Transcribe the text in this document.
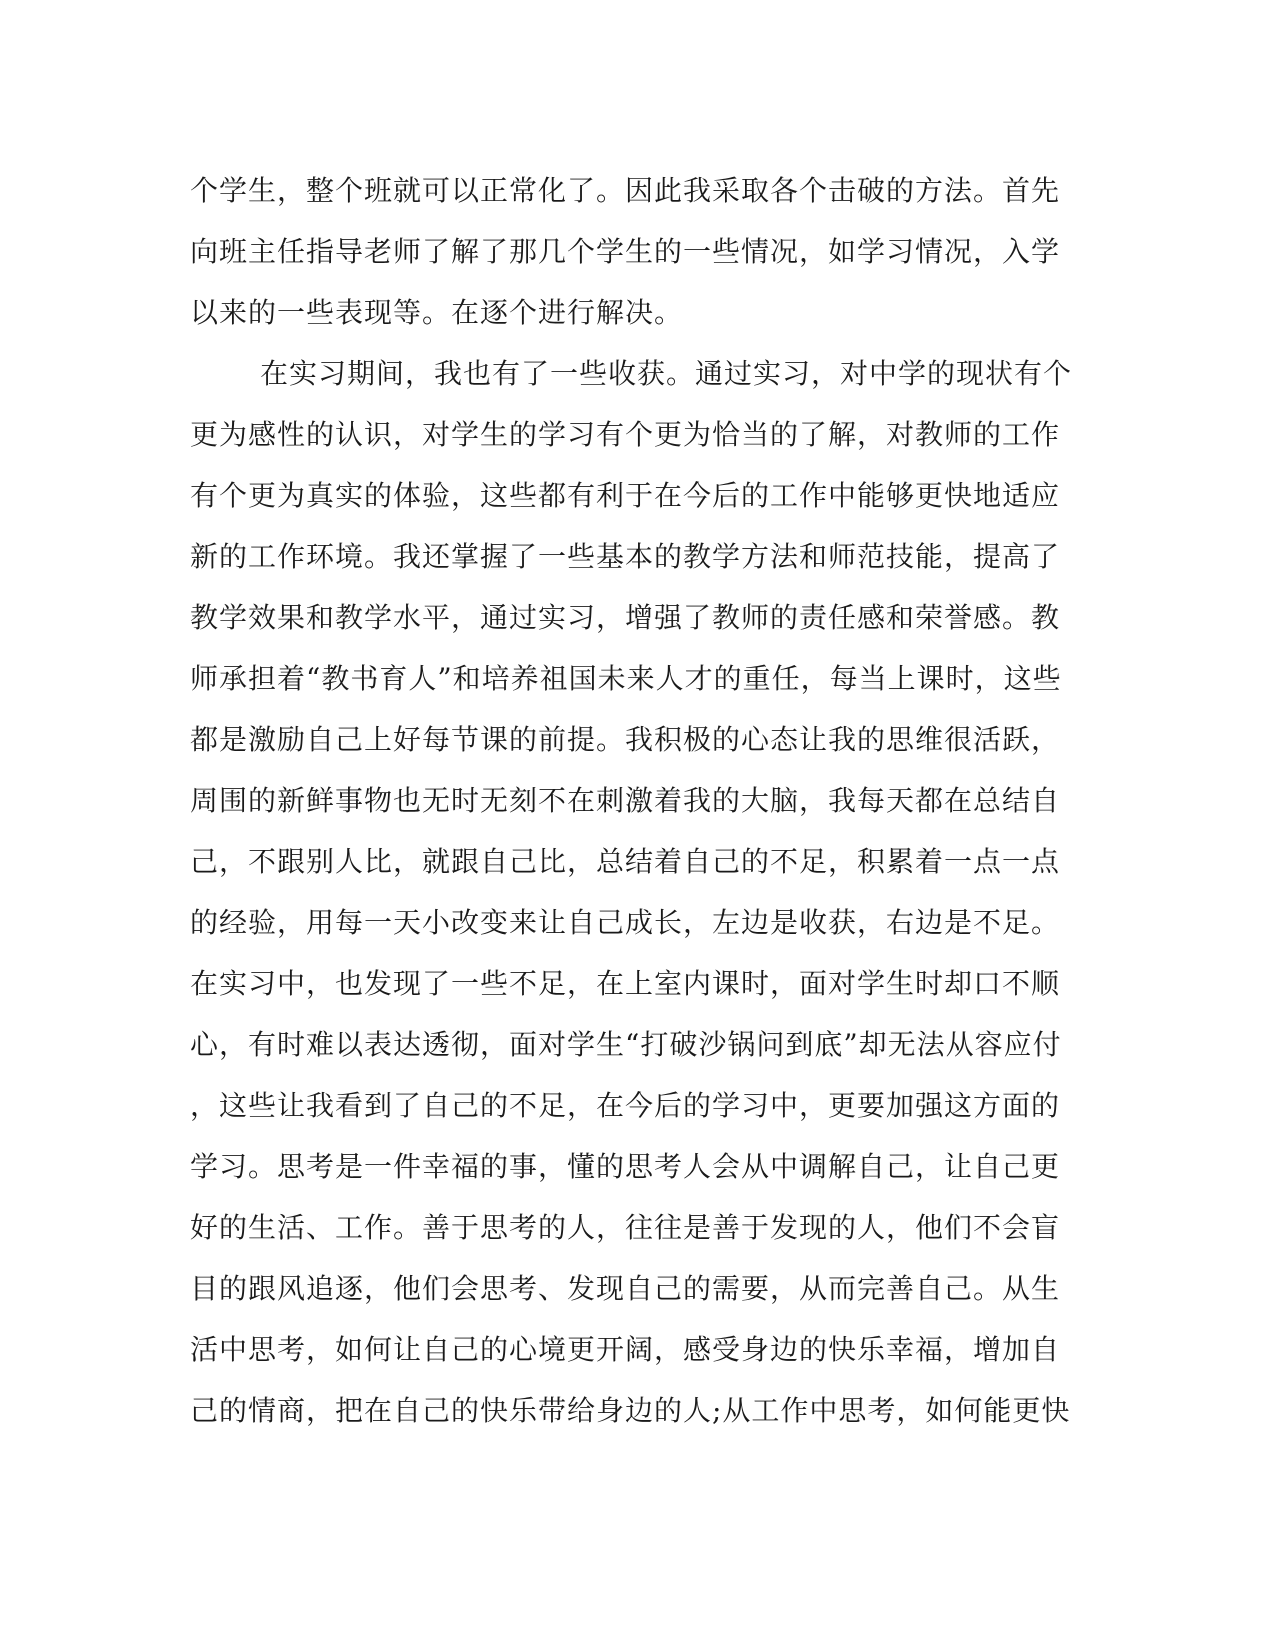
个学生，整个班就可以正常化了。因此我采取各个击破的方法。首先
向班主任指导老师了解了那几个学生的一些情况，如学习情况，入学
以来的一些表现等。在逐个进行解决。
在实习期间，我也有了一些收获。通过实习，对中学的现状有个
更为感性的认识，对学生的学习有个更为恰当的了解，对教师的工作
有个更为真实的体验，这些都有利于在今后的工作中能够更快地适应
新的工作环境。我还掌握了一些基本的教学方法和师范技能，提高了
教学效果和教学水平，通过实习，增强了教师的责任感和荣誉感。教
师承担着“教书育人”和培养祖国未来人才的重任，每当上课时，这些
都是激励自己上好每节课的前提。我积极的心态让我的思维很活跃，
周围的新鲜事物也无时无刻不在刺激着我的大脑，我每天都在总结自
己，不跟别人比，就跟自己比，总结着自己的不足，积累着一点一点
的经验，用每一天小改变来让自己成长，左边是收获，右边是不足。
在实习中，也发现了一些不足，在上室内课时，面对学生时却口不顺
心，有时难以表达透彻，面对学生“打破沙锅问到底”却无法从容应付
，这些让我看到了自己的不足，在今后的学习中，更要加强这方面的
学习。思考是一件幸福的事，懂的思考人会从中调解自己，让自己更
好的生活、工作。善于思考的人，往往是善于发现的人，他们不会盲
目的跟风追逐，他们会思考、发现自己的需要，从而完善自己。从生
活中思考，如何让自己的心境更开阔，感受身边的快乐幸福，增加自
己的情商，把在自己的快乐带给身边的人;从工作中思考，如何能更快
